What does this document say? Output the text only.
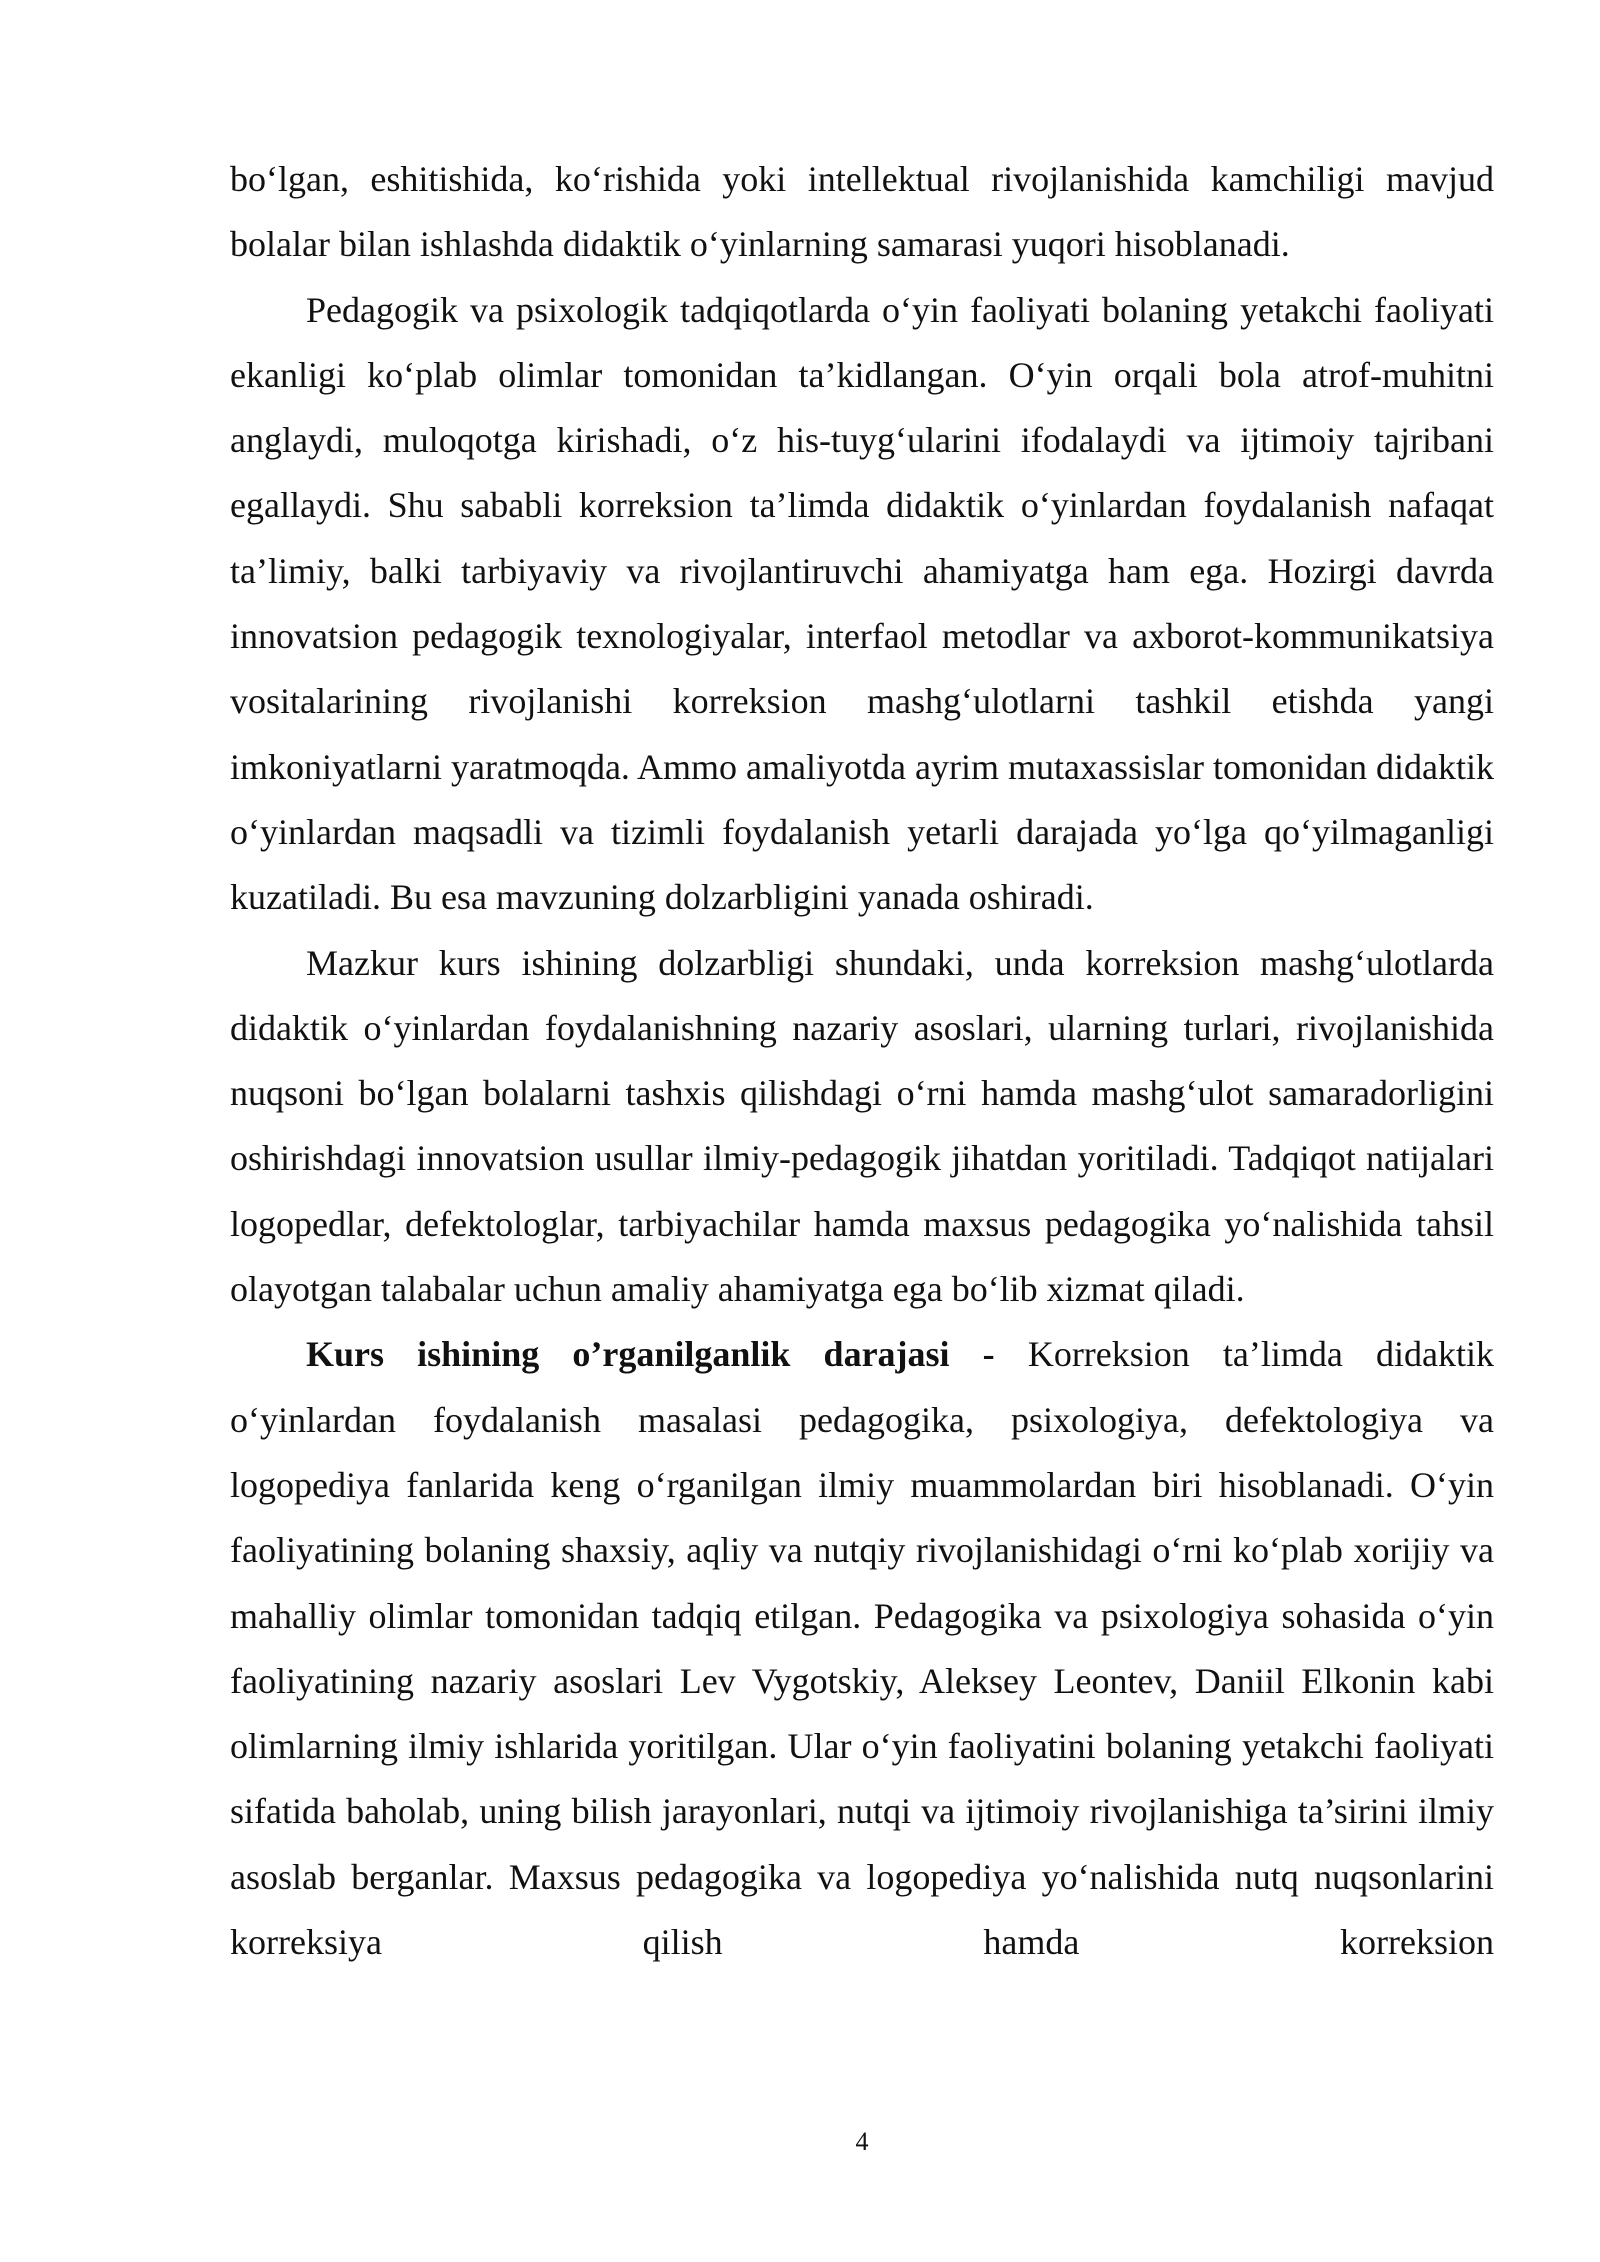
bo‘lgan, eshitishida, ko‘rishida yoki intellektual rivojlanishida kamchiligi mavjud bolalar bilan ishlashda didaktik o‘yinlarning samarasi yuqori hisoblanadi.

Pedagogik va psixologik tadqiqotlarda o‘yin faoliyati bolaning yetakchi faoliyati ekanligi ko‘plab olimlar tomonidan ta’kidlangan. O‘yin orqali bola atrof-muhitni anglaydi, muloqotga kirishadi, o‘z his-tuyg‘ularini ifodalaydi va ijtimoiy tajribani egallaydi. Shu sababli korreksion ta’limda didaktik o‘yinlardan foydalanish nafaqat ta’limiy, balki tarbiyaviy va rivojlantiruvchi ahamiyatga ham ega. Hozirgi davrda innovatsion pedagogik texnologiyalar, interfaol metodlar va axborot-kommunikatsiya vositalarining rivojlanishi korreksion mashg‘ulotlarni tashkil etishda yangi imkoniyatlarni yaratmoqda. Ammo amaliyotda ayrim mutaxassislar tomonidan didaktik o‘yinlardan maqsadli va tizimli foydalanish yetarli darajada yo‘lga qo‘yilmaganligi kuzatiladi. Bu esa mavzuning dolzarbligini yanada oshiradi.

Mazkur kurs ishining dolzarbligi shundaki, unda korreksion mashg‘ulotlarda didaktik o‘yinlardan foydalanishning nazariy asoslari, ularning turlari, rivojlanishida nuqsoni bo‘lgan bolalarni tashxis qilishdagi o‘rni hamda mashg‘ulot samaradorligini oshirishdagi innovatsion usullar ilmiy-pedagogik jihatdan yoritiladi. Tadqiqot natijalari logopedlar, defektologlar, tarbiyachilar hamda maxsus pedagogika yo‘nalishida tahsil olayotgan talabalar uchun amaliy ahamiyatga ega bo‘lib xizmat qiladi.

Kurs ishining o’rganilganlik darajasi - Korreksion ta’limda didaktik o‘yinlardan foydalanish masalasi pedagogika, psixologiya, defektologiya va logopediya fanlarida keng o‘rganilgan ilmiy muammolardan biri hisoblanadi. O‘yin faoliyatining bolaning shaxsiy, aqliy va nutqiy rivojlanishidagi o‘rni ko‘plab xorijiy va mahalliy olimlar tomonidan tadqiq etilgan. Pedagogika va psixologiya sohasida o‘yin faoliyatining nazariy asoslari Lev Vygotskiy, Aleksey Leontev, Daniil Elkonin kabi olimlarning ilmiy ishlarida yoritilgan. Ular o‘yin faoliyatini bolaning yetakchi faoliyati sifatida baholab, uning bilish jarayonlari, nutqi va ijtimoiy rivojlanishiga ta’sirini ilmiy asoslab berganlar. Maxsus pedagogika va logopediya yo‘nalishida nutq nuqsonlarini korreksiya qilish hamda korreksion

4
